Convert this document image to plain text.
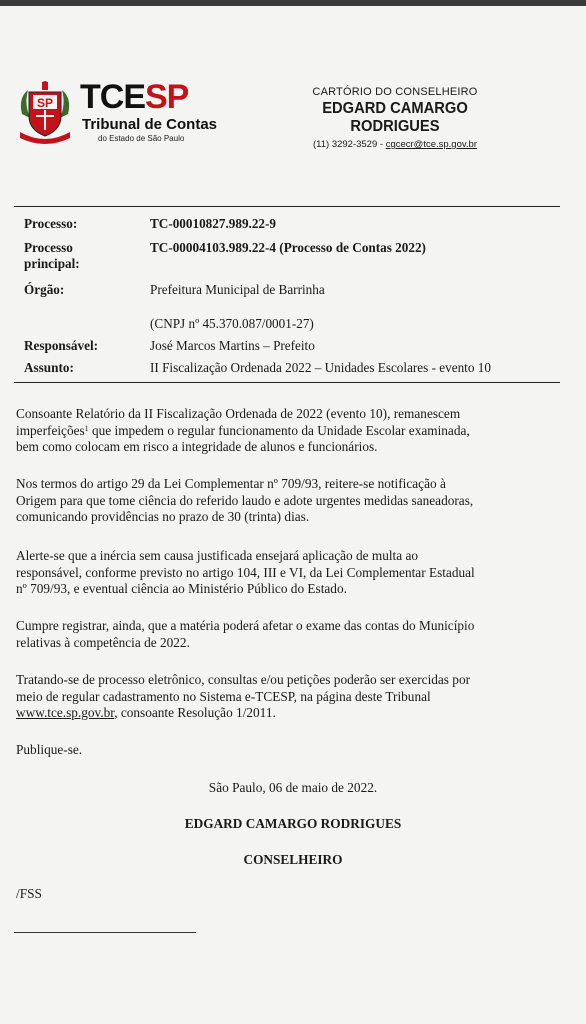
SP TCESP
Tribunal de Contas
do Estado de São Paulo
CARTÓRIO DO CONSELHEIRO
EDGARD CAMARGO RODRIGUES
(11) 3292-3529 - cgcecr@tce.sp.gov.br
Processo:	TC-00010827.989.22-9
Processo	TC-00004103.989.22-4 (Processo de Contas 2022)
principal:
Órgão:	Prefeitura Municipal de Barrinha
(CNPJ nº 45.370.087/0001-27)
Responsável:	José Marcos Martins – Prefeito
Assunto:	II Fiscalização Ordenada 2022 – Unidades Escolares - evento 10
Consoante Relatório da II Fiscalização Ordenada de 2022 (evento 10), remanescem
imperfeições$^1$ que impedem o regular funcionamento da Unidade Escolar examinada,
bem como colocam em risco a integridade de alunos e funcionários.
Nos termos do artigo 29 da Lei Complementar nº 709/93, reitere-se notificação à
Origem para que tome ciência do referido laudo e adote urgentes medidas saneadoras,
comunicando providências no prazo de 30 (trinta) dias.
Alerte-se que a inércia sem causa justificada ensejará aplicação de multa ao
responsável, conforme previsto no artigo 104, III e VI, da Lei Complementar Estadual
nº 709/93, e eventual ciência ao Ministério Público do Estado.
Cumpre registrar, ainda, que a matéria poderá afetar o exame das contas do Município
relativas à competência de 2022.
Tratando-se de processo eletrônico, consultas e/ou petições poderão ser exercidas por
meio de regular cadastramento no Sistema e-TCESP, na página deste Tribunal
www.tce.sp.gov.br, consoante Resolução 1/2011.
Publique-se.
São Paulo, 06 de maio de 2022.
EDGARD CAMARGO RODRIGUES
CONSELHEIRO
/FSS
